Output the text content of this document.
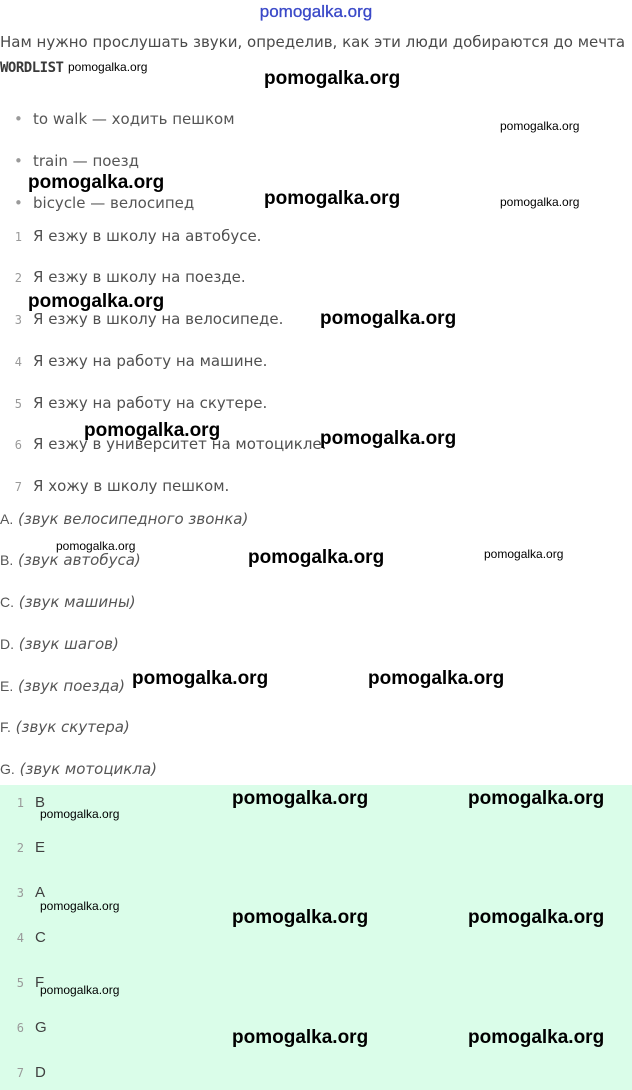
pomogalka.org
Нам нужно прослушать звуки, определив, как эти люди добираются до мечта
WORDLIST
• to walk — ходить пешком
• train — поезд
• bicycle — велосипед
1 Я езжу в школу на автобусе.
2 Я езжу в школу на поезде.
3 Я езжу в школу на велосипеде.
4 Я езжу на работу на машине.
5 Я езжу на работу на скутере.
6 Я езжу в университет на мотоцикле.
7 Я хожу в школу пешком.
A. (звук велосипедного звонка)
B. (звук автобуса)
C. (звук машины)
D. (звук шагов)
E. (звук поезда)
F. (звук скутера)
G. (звук мотоцикла)
1 B
2 E
3 A
4 C
5 F
6 G
7 D
pomogalka.org
pomogalka.org
pomogalka.org
pomogalka.org
pomogalka.org	pomogalka.org
pomogalka.org
pomogalka.org
pomogalka.org	pomogalka.org
pomogalka.org
pomogalka.org	pomogalka.org
pomogalka.org	pomogalka.org
pomogalka.org	pomogalka.org
pomogalka.org
pomogalka.org
pomogalka.org	pomogalka.org
pomogalka.org
pomogalka.org	pomogalka.org
